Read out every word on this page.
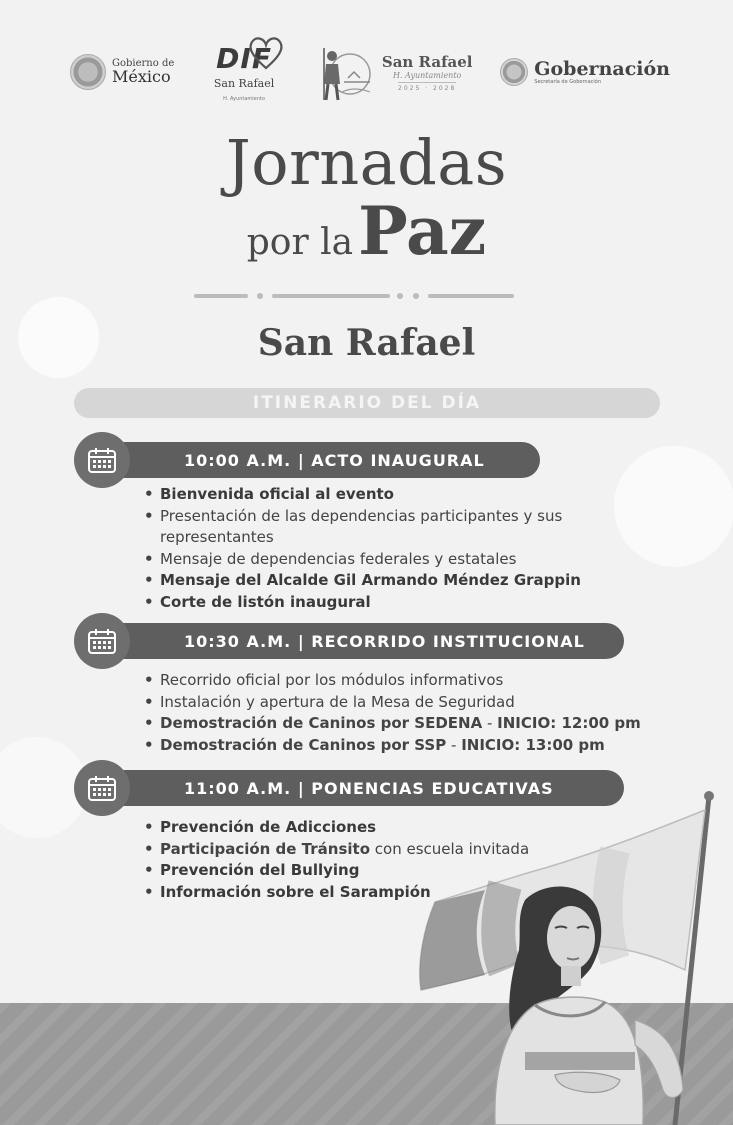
Gobierno de
México
DIF
San Rafael
H. Ayuntamiento
San Rafael
H. Ayuntamiento
2025 · 2028
Gobernación
Secretaría de Gobernación
Jornadas
por la Paz
San Rafael
ITINERARIO DEL DÍA
10:00 A.M. | ACTO INAUGURAL
• Bienvenida oficial al evento
• Presentación de las dependencias participantes y sus representantes
• Mensaje de dependencias federales y estatales
• Mensaje del Alcalde Gil Armando Méndez Grappin
• Corte de listón inaugural
10:30 A.M. | RECORRIDO INSTITUCIONAL
• Recorrido oficial por los módulos informativos
• Instalación y apertura de la Mesa de Seguridad
• Demostración de Caninos por SEDENA - INICIO: 12:00 pm
• Demostración de Caninos por SSP - INICIO: 13:00 pm
11:00 A.M. | PONENCIAS EDUCATIVAS
• Prevención de Adicciones
• Participación de Tránsito con escuela invitada
• Prevención del Bullying
• Información sobre el Sarampión
